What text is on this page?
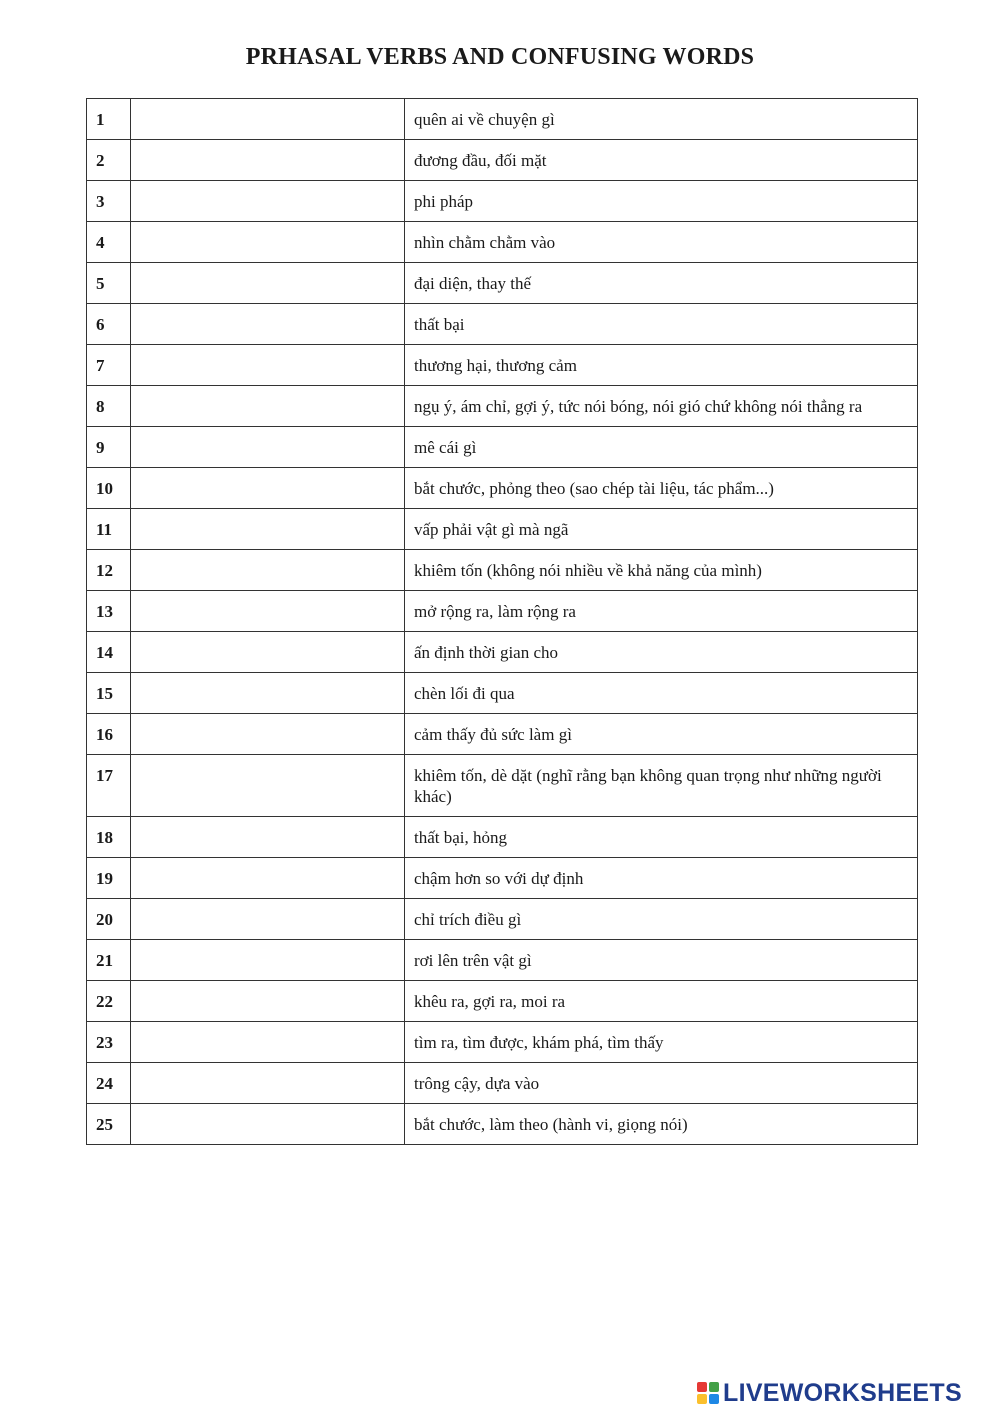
PRHASAL VERBS AND CONFUSING WORDS
1		quên ai về chuyện gì
2		đương đầu, đối mặt
3		phi pháp
4		nhìn chằm chằm vào
5		đại diện, thay thế
6		thất bại
7		thương hại, thương cảm
8		ngụ ý, ám chỉ, gợi ý, tức nói bóng, nói gió chứ không nói thẳng ra
9		mê cái gì
10		bắt chước, phỏng theo (sao chép tài liệu, tác phẩm...)
11		vấp phải vật gì mà ngã
12		khiêm tốn (không nói nhiều về khả năng của mình)
13		mở rộng ra, làm rộng ra
14		ấn định thời gian cho
15		chèn lối đi qua
16		cảm thấy đủ sức làm gì
17		khiêm tốn, dè dặt (nghĩ rằng bạn không quan trọng như những người khác)
18		thất bại, hỏng
19		chậm hơn so với dự định
20		chỉ trích điều gì
21		rơi lên trên vật gì
22		khêu ra, gợi ra, moi ra
23		tìm ra, tìm được, khám phá, tìm thấy
24		trông cậy, dựa vào
25		bắt chước, làm theo (hành vi, giọng nói)
LIVEWORKSHEETS
